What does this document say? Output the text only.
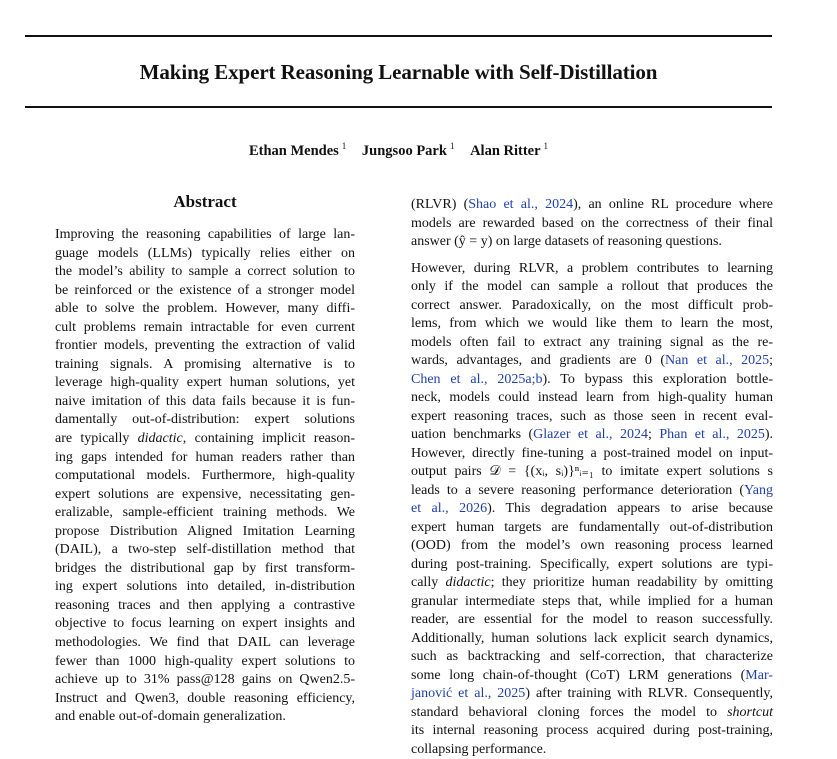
Making Expert Reasoning Learnable with Self-Distillation
Ethan Mendes $^1$ Jungsoo Park $^1$ Alan Ritter $^1$
Abstract
Improving the reasoning capabilities of large lan-
guage models (LLMs) typically relies either on
the model’s ability to sample a correct solution to
be reinforced or the existence of a stronger model
able to solve the problem. However, many diffi-
cult problems remain intractable for even current
frontier models, preventing the extraction of valid
training signals. A promising alternative is to
leverage high-quality expert human solutions, yet
naive imitation of this data fails because it is fun-
damentally out-of-distribution: expert solutions
are typically didactic, containing implicit reason-
ing gaps intended for human readers rather than
computational models. Furthermore, high-quality
expert solutions are expensive, necessitating gen-
eralizable, sample-efficient training methods. We
propose Distribution Aligned Imitation Learning
(DAIL), a two-step self-distillation method that
bridges the distributional gap by first transform-
ing expert solutions into detailed, in-distribution
reasoning traces and then applying a contrastive
objective to focus learning on expert insights and
methodologies. We find that DAIL can leverage
fewer than 1000 high-quality expert solutions to
achieve up to 31% pass@128 gains on Qwen2.5-
Instruct and Qwen3, double reasoning efficiency,
and enable out-of-domain generalization.

(RLVR) (Shao et al., 2024), an online RL procedure where
models are rewarded based on the correctness of their final
answer (ŷ = y) on large datasets of reasoning questions.

However, during RLVR, a problem contributes to learning
only if the model can sample a rollout that produces the
correct answer. Paradoxically, on the most difficult prob-
lems, from which we would like them to learn the most,
models often fail to extract any training signal as the re-
wards, advantages, and gradients are 0 (Nan et al., 2025;
Chen et al., 2025a;b). To bypass this exploration bottle-
neck, models could instead learn from high-quality human
expert reasoning traces, such as those seen in recent eval-
uation benchmarks (Glazer et al., 2024; Phan et al., 2025).
However, directly fine-tuning a post-trained model on input-
output pairs 𝒟 = {(xᵢ, sᵢ)}ⁿᵢ₌₁ to imitate expert solutions s
leads to a severe reasoning performance deterioration (Yang
et al., 2026). This degradation appears to arise because
expert human targets are fundamentally out-of-distribution
(OOD) from the model’s own reasoning process learned
during post-training. Specifically, expert solutions are typi-
cally didactic; they prioritize human readability by omitting
granular intermediate steps that, while implied for a human
reader, are essential for the model to reason successfully.
Additionally, human solutions lack explicit search dynamics,
such as backtracking and self-correction, that characterize
some long chain-of-thought (CoT) LRM generations (Mar-
janović et al., 2025) after training with RLVR. Consequently,
standard behavioral cloning forces the model to shortcut
its internal reasoning process acquired during post-training,
collapsing performance.
